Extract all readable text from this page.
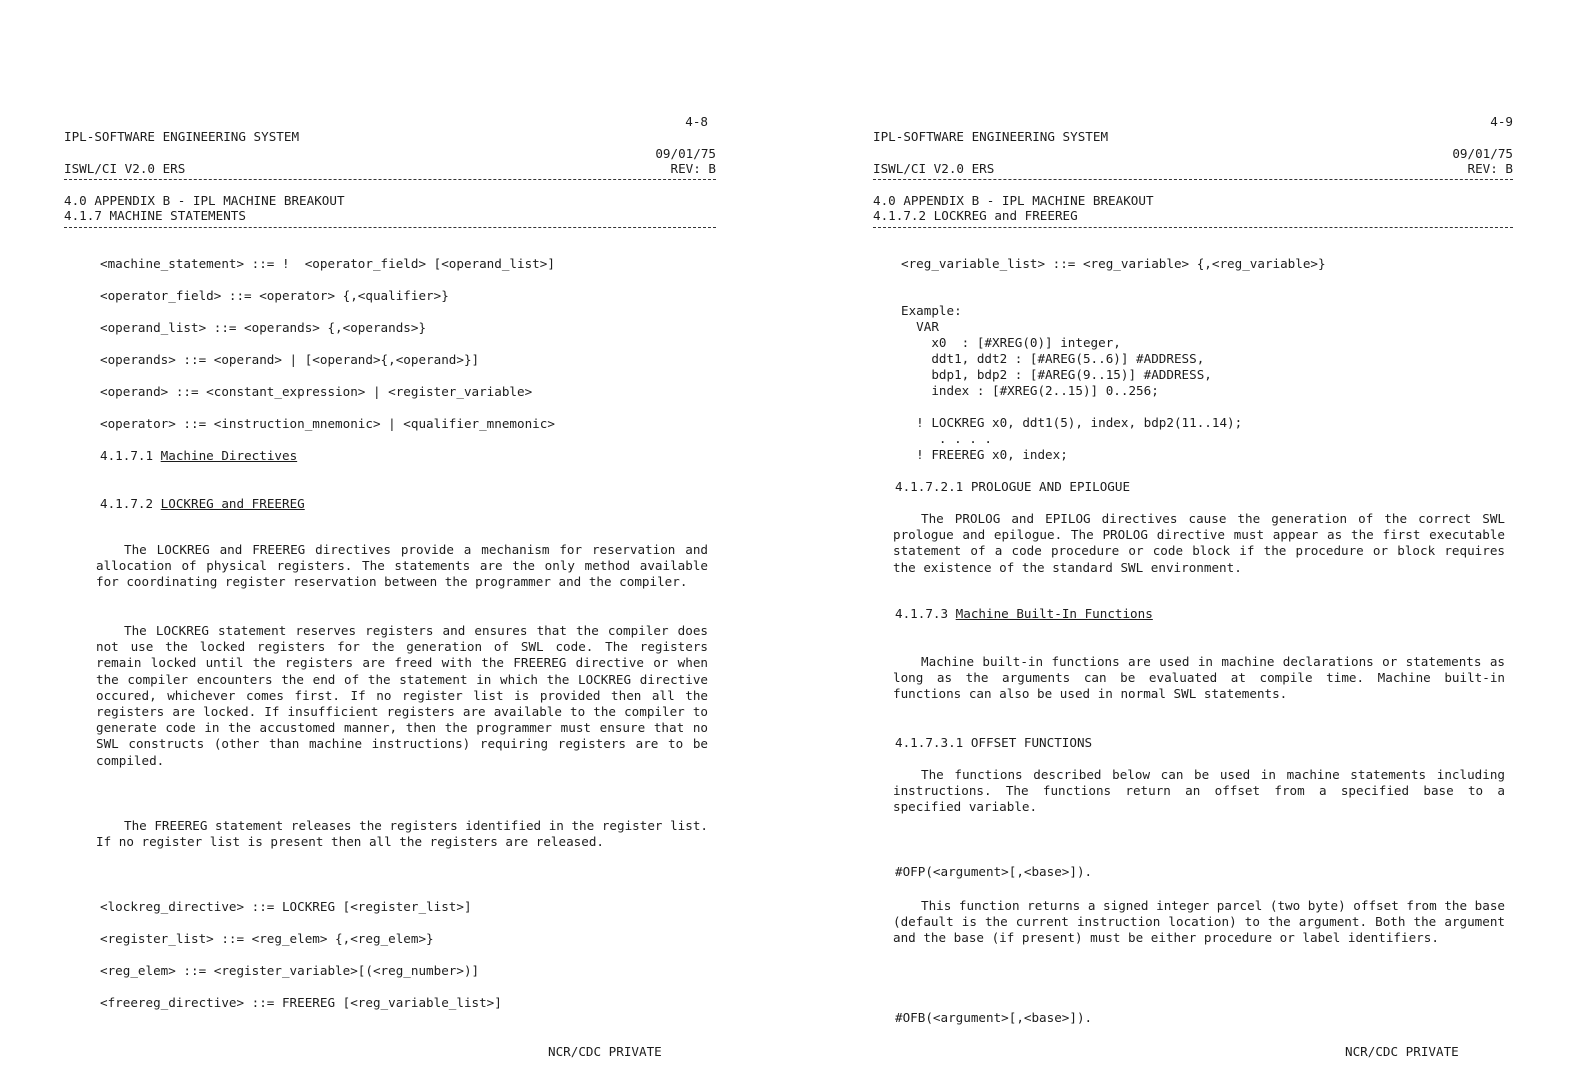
4-8
IPL-SOFTWARE ENGINEERING SYSTEM
09/01/75
ISWL/CI V2.0 ERS	REV: B
4.0 APPENDIX B - IPL MACHINE BREAKOUT
4.1.7 MACHINE STATEMENTS
<machine_statement> ::= !  <operator_field> [<operand_list>]
<operator_field> ::= <operator> {,<qualifier>}
<operand_list> ::= <operands> {,<operands>}
<operands> ::= <operand> | [<operand>{,<operand>}]
<operand> ::= <constant_expression> | <register_variable>
<operator> ::= <instruction_mnemonic> | <qualifier_mnemonic>
4.1.7.1 Machine Directives
4.1.7.2 LOCKREG and FREEREG

The LOCKREG and FREEREG directives provide a mechanism for reservation and allocation of physical registers. The statements are the only method available for coordinating register reservation between the programmer and the compiler.

The LOCKREG statement reserves registers and ensures that the compiler does not use the locked registers for the generation of SWL code. The registers remain locked until the registers are freed with the FREEREG directive or when the compiler encounters the end of the statement in which the LOCKREG directive occured, whichever comes first. If no register list is provided then all the registers are locked. If insufficient registers are available to the compiler to generate code in the accustomed manner, then the programmer must ensure that no SWL constructs (other than machine instructions) requiring registers are to be compiled.

The FREEREG statement releases the registers identified in the register list. If no register list is present then all the registers are released.

<lockreg_directive> ::= LOCKREG [<register_list>]
<register_list> ::= <reg_elem> {,<reg_elem>}
<reg_elem> ::= <register_variable>[(<reg_number>)]
<freereg_directive> ::= FREEREG [<reg_variable_list>]
NCR/CDC PRIVATE
4-9
IPL-SOFTWARE ENGINEERING SYSTEM
09/01/75
ISWL/CI V2.0 ERS	REV: B
4.0 APPENDIX B - IPL MACHINE BREAKOUT
4.1.7.2 LOCKREG and FREEREG
<reg_variable_list> ::= <reg_variable> {,<reg_variable>}
Example:
VAR
x0  : [#XREG(0)] integer,
ddt1, ddt2 : [#AREG(5..6)] #ADDRESS,
bdp1, bdp2 : [#AREG(9..15)] #ADDRESS,
index : [#XREG(2..15)] 0..256;
! LOCKREG x0, ddt1(5), index, bdp2(11..14);
. . . .
! FREEREG x0, index;
4.1.7.2.1 PROLOGUE AND EPILOGUE

The PROLOG and EPILOG directives cause the generation of the correct SWL prologue and epilogue. The PROLOG directive must appear as the first executable statement of a code procedure or code block if the procedure or block requires the existence of the standard SWL environment.

4.1.7.3 Machine Built-In Functions

Machine built-in functions are used in machine declarations or statements as long as the arguments can be evaluated at compile time. Machine built-in functions can also be used in normal SWL statements.

4.1.7.3.1 OFFSET FUNCTIONS

The functions described below can be used in machine statements including instructions. The functions return an offset from a specified base to a specified variable.

#OFP(<argument>[,<base>]).

This function returns a signed integer parcel (two byte) offset from the base (default is the current instruction location) to the argument. Both the argument and the base (if present) must be either procedure or label identifiers.

#OFB(<argument>[,<base>]).
NCR/CDC PRIVATE
